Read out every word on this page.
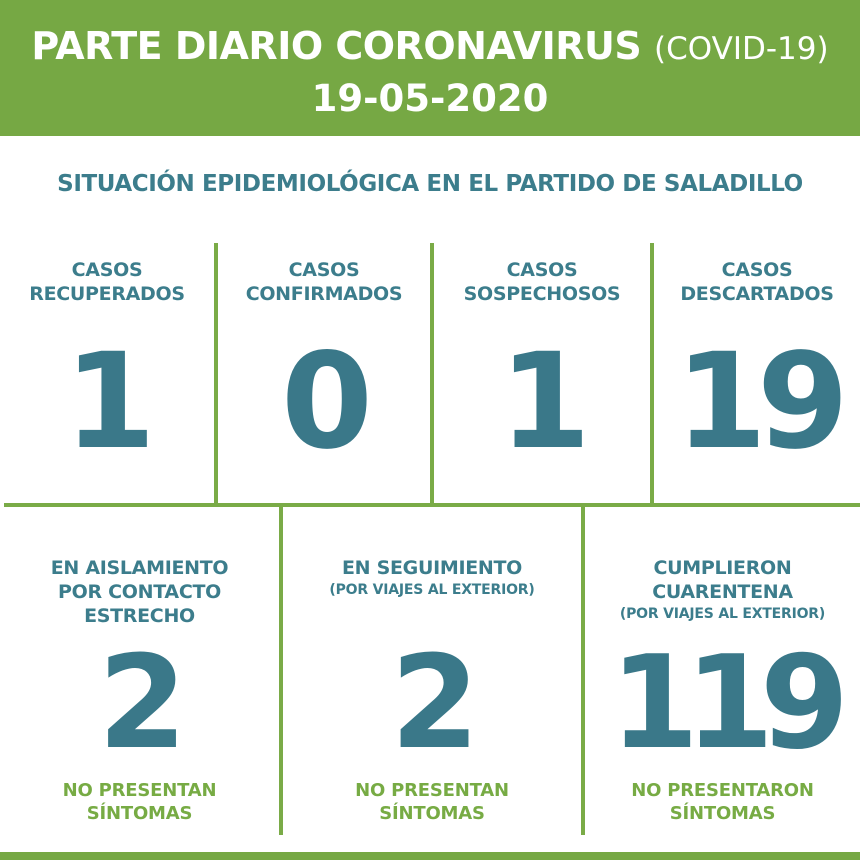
PARTE DIARIO CORONAVIRUS (COVID-19)
19-05-2020
SITUACIÓN EPIDEMIOLÓGICA EN EL PARTIDO DE SALADILLO
CASOS
RECUPERADOS
1
CASOS
CONFIRMADOS
0
CASOS
SOSPECHOSOS
1
CASOS
DESCARTADOS
19
EN AISLAMIENTO
POR CONTACTO
ESTRECHO
2
NO PRESENTAN
SÍNTOMAS
EN SEGUIMIENTO
(POR VIAJES AL EXTERIOR)
2
NO PRESENTAN
SÍNTOMAS
CUMPLIERON
CUARENTENA
(POR VIAJES AL EXTERIOR)
119
NO PRESENTARON
SÍNTOMAS
